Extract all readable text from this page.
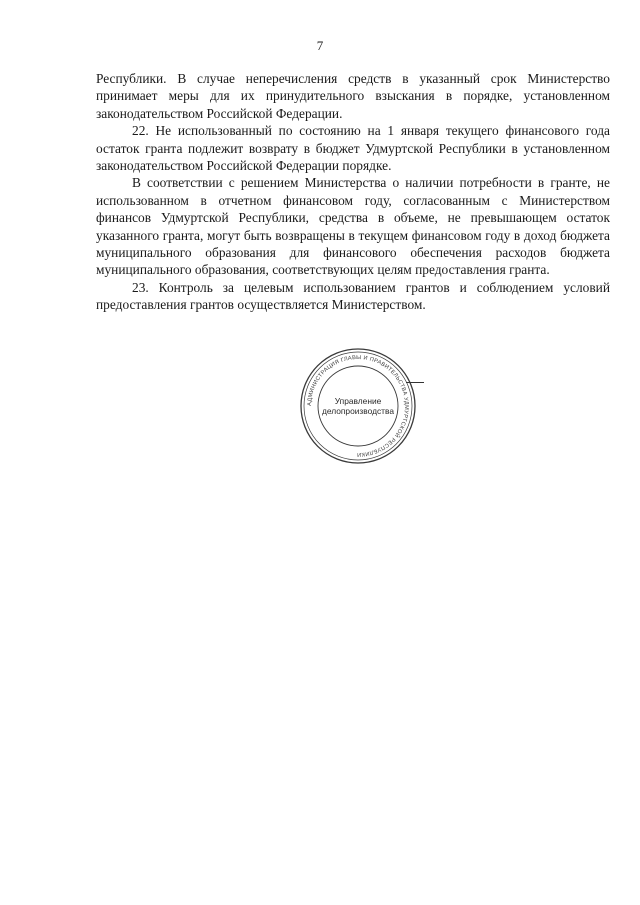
7

Республики. В случае неперечисления средств в указанный срок Министерство принимает меры для их принудительного взыскания в порядке, установленном законодательством Российской Федерации.

22. Не использованный по состоянию на 1 января текущего финансового года остаток гранта подлежит возврату в бюджет Удмуртской Республики в установленном законодательством Российской Федерации порядке.

В соответствии с решением Министерства о наличии потребности в гранте, не использованном в отчетном финансовом году, согласованным с Министерством финансов Удмуртской Республики, средства в объеме, не превышающем остаток указанного гранта, могут быть возвращены в текущем финансовом году в доход бюджета муниципального образования для финансового обеспечения расходов бюджета муниципального образования, соответствующих целям предоставления гранта.

23. Контроль за целевым использованием грантов и соблюдением условий предоставления грантов осуществляется Министерством.

АДМИНИСТРАЦИЯ ГЛАВЫ И ПРАВИТЕЛЬСТВА УДМУРТСКОЙ РЕСПУБЛИКИ
Управление
делопроизводства
